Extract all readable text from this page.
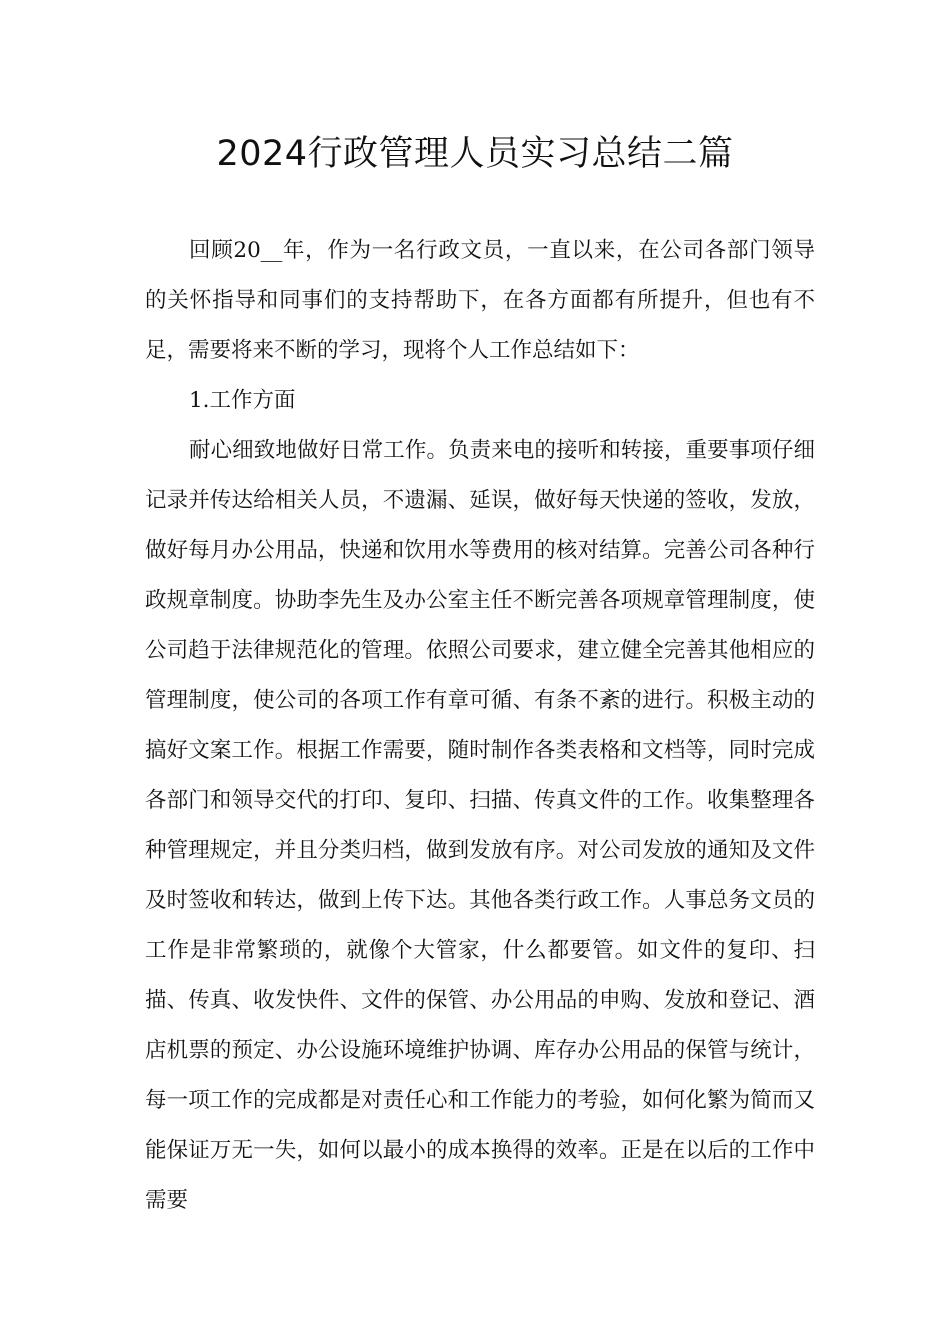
2024行政管理人员实习总结二篇

回顾20__年，作为一名行政文员，一直以来，在公司各部门领导的关怀指导和同事们的支持帮助下，在各方面都有所提升，但也有不足，需要将来不断的学习，现将个人工作总结如下：

1.工作方面

耐心细致地做好日常工作。负责来电的接听和转接，重要事项仔细记录并传达给相关人员，不遗漏、延误，做好每天快递的签收，发放，做好每月办公用品，快递和饮用水等费用的核对结算。完善公司各种行政规章制度。协助李先生及办公室主任不断完善各项规章管理制度，使公司趋于法律规范化的管理。依照公司要求，建立健全完善其他相应的管理制度，使公司的各项工作有章可循、有条不紊的进行。积极主动的搞好文案工作。根据工作需要，随时制作各类表格和文档等，同时完成各部门和领导交代的打印、复印、扫描、传真文件的工作。收集整理各种管理规定，并且分类归档，做到发放有序。对公司发放的通知及文件及时签收和转达，做到上传下达。其他各类行政工作。人事总务文员的工作是非常繁琐的，就像个大管家，什么都要管。如文件的复印、扫描、传真、收发快件、文件的保管、办公用品的申购、发放和登记、酒店机票的预定、办公设施环境维护协调、库存办公用品的保管与统计，每一项工作的完成都是对责任心和工作能力的考验，如何化繁为简而又能保证万无一失，如何以最小的成本换得的效率。正是在以后的工作中需要
